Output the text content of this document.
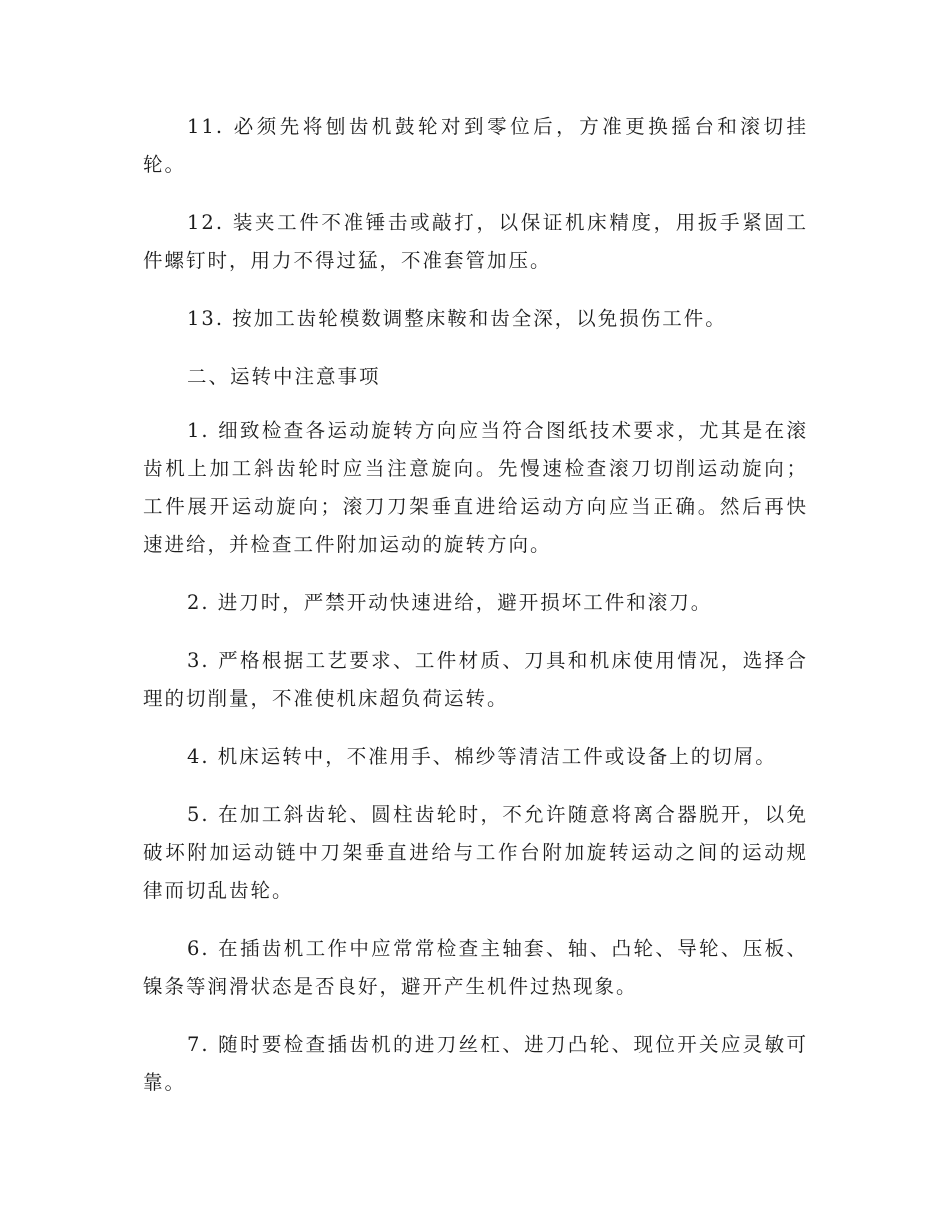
11. 必须先将刨齿机鼓轮对到零位后，方准更换摇台和滚切挂轮。

12. 装夹工件不准锤击或敲打，以保证机床精度，用扳手紧固工件螺钉时，用力不得过猛，不准套管加压。

13. 按加工齿轮模数调整床鞍和齿全深，以免损伤工件。

二、运转中注意事项

1. 细致检查各运动旋转方向应当符合图纸技术要求，尤其是在滚齿机上加工斜齿轮时应当注意旋向。先慢速检查滚刀切削运动旋向；工件展开运动旋向；滚刀刀架垂直进给运动方向应当正确。然后再快速进给，并检查工件附加运动的旋转方向。

2. 进刀时，严禁开动快速进给，避开损坏工件和滚刀。

3. 严格根据工艺要求、工件材质、刀具和机床使用情况，选择合理的切削量，不准使机床超负荷运转。

4. 机床运转中，不准用手、棉纱等清洁工件或设备上的切屑。

5. 在加工斜齿轮、圆柱齿轮时，不允许随意将离合器脱开，以免破坏附加运动链中刀架垂直进给与工作台附加旋转运动之间的运动规律而切乱齿轮。

6. 在插齿机工作中应常常检查主轴套、轴、凸轮、导轮、压板、镍条等润滑状态是否良好，避开产生机件过热现象。

7. 随时要检查插齿机的进刀丝杠、进刀凸轮、现位开关应灵敏可靠。
